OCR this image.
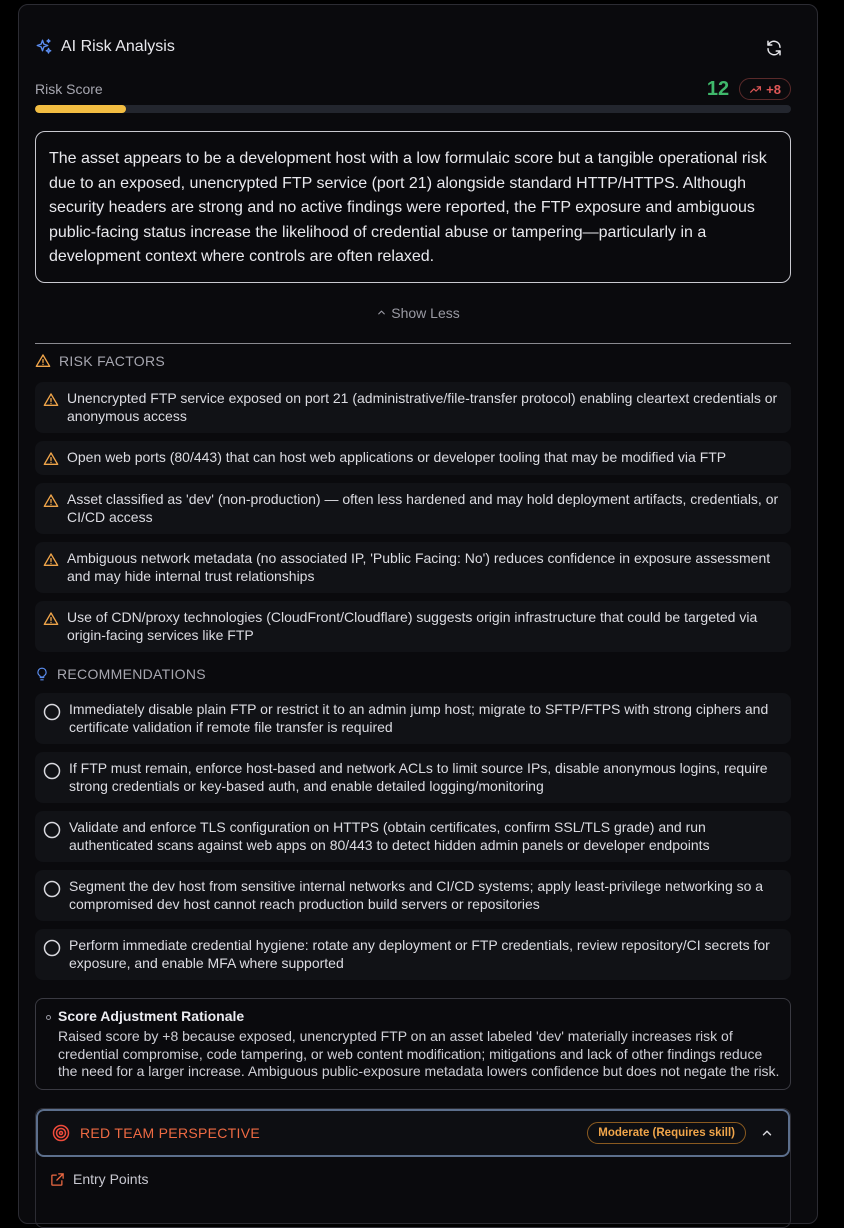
AI Risk Analysis
Risk Score	12	+8
The asset appears to be a development host with a low formulaic score but a tangible operational risk due to an exposed, unencrypted FTP service (port 21) alongside standard HTTP/HTTPS. Although security headers are strong and no active findings were reported, the FTP exposure and ambiguous public-facing status increase the likelihood of credential abuse or tampering—particularly in a development context where controls are often relaxed.
Show Less
RISK FACTORS
Unencrypted FTP service exposed on port 21 (administrative/file-transfer protocol) enabling cleartext credentials or anonymous access
Open web ports (80/443) that can host web applications or developer tooling that may be modified via FTP
Asset classified as 'dev' (non-production) — often less hardened and may hold deployment artifacts, credentials, or CI/CD access
Ambiguous network metadata (no associated IP, 'Public Facing: No') reduces confidence in exposure assessment and may hide internal trust relationships
Use of CDN/proxy technologies (CloudFront/Cloudflare) suggests origin infrastructure that could be targeted via origin-facing services like FTP
RECOMMENDATIONS
Immediately disable plain FTP or restrict it to an admin jump host; migrate to SFTP/FTPS with strong ciphers and certificate validation if remote file transfer is required
If FTP must remain, enforce host-based and network ACLs to limit source IPs, disable anonymous logins, require strong credentials or key-based auth, and enable detailed logging/monitoring
Validate and enforce TLS configuration on HTTPS (obtain certificates, confirm SSL/TLS grade) and run authenticated scans against web apps on 80/443 to detect hidden admin panels or developer endpoints
Segment the dev host from sensitive internal networks and CI/CD systems; apply least-privilege networking so a compromised dev host cannot reach production build servers or repositories
Perform immediate credential hygiene: rotate any deployment or FTP credentials, review repository/CI secrets for exposure, and enable MFA where supported
Score Adjustment Rationale
Raised score by +8 because exposed, unencrypted FTP on an asset labeled 'dev' materially increases risk of credential compromise, code tampering, or web content modification; mitigations and lack of other findings reduce the need for a larger increase. Ambiguous public-exposure metadata lowers confidence but does not negate the risk.
RED TEAM PERSPECTIVE	Moderate (Requires skill)
Entry Points
